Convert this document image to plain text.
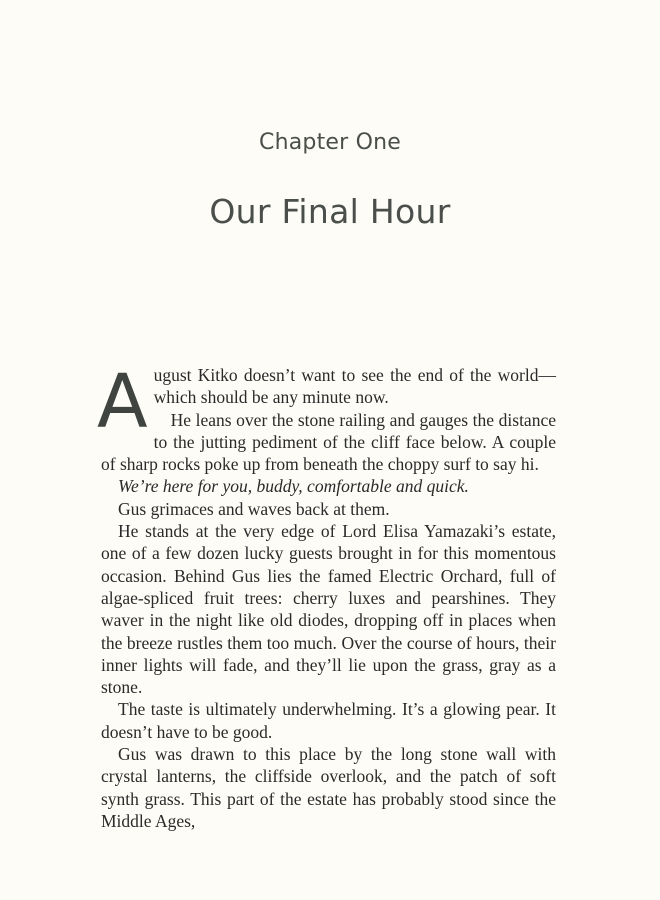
Chapter One
Our Final Hour

August Kitko doesn’t want to see the end of the world—which should be any minute now.

He leans over the stone railing and gauges the distance to the jutting pediment of the cliff face below. A couple of sharp rocks poke up from beneath the choppy surf to say hi.

We’re here for you, buddy, comfortable and quick.

Gus grimaces and waves back at them.

He stands at the very edge of Lord Elisa Yamazaki’s estate, one of a few dozen lucky guests brought in for this momentous occasion. Behind Gus lies the famed Electric Orchard, full of algae-spliced fruit trees: cherry luxes and pearshines. They waver in the night like old diodes, dropping off in places when the breeze rustles them too much. Over the course of hours, their inner lights will fade, and they’ll lie upon the grass, gray as a stone.

The taste is ultimately underwhelming. It’s a glowing pear. It doesn’t have to be good.

Gus was drawn to this place by the long stone wall with crystal lanterns, the cliffside overlook, and the patch of soft synth grass. This part of the estate has probably stood since the Middle Ages,
